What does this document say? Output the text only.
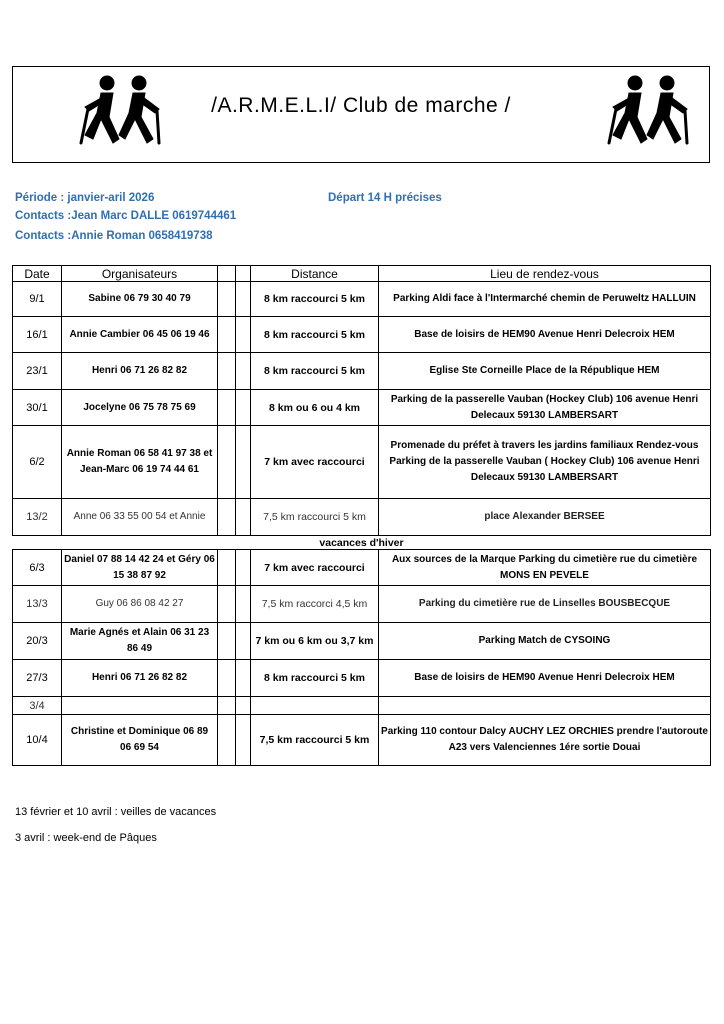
/A.R.M.E.L.I/ Club de marche /
Période : janvier-aril 2026	Départ 14 H précises
Contacts :Jean Marc DALLE 0619744461
Contacts :Annie Roman 0658419738
Date	Organisateurs			Distance	Lieu de rendez-vous
9/1	Sabine 06 79 30 40 79			8 km raccourci 5 km	Parking Aldi face à l'Intermarché chemin de Peruweltz HALLUIN
16/1	Annie Cambier 06 45 06 19 46			8 km raccourci 5 km	Base de loisirs de HEM90 Avenue Henri Delecroix HEM
23/1	Henri 06 71 26 82 82			8 km raccourci 5 km	Eglise Ste Corneille Place de la République HEM
30/1	Jocelyne 06 75 78 75 69			8 km ou 6 ou 4 km	Parking de la passerelle Vauban (Hockey Club) 106 avenue Henri Delecaux 59130 LAMBERSART
6/2	Annie Roman 06 58 41 97 38 et Jean-Marc 06 19 74 44 61			7 km avec raccourci	Promenade du préfet à travers les jardins familiaux Rendez-vous Parking de la passerelle Vauban ( Hockey Club) 106 avenue Henri Delecaux 59130 LAMBERSART
13/2	Anne 06 33 55 00 54 et Annie			7,5 km raccourci 5 km	place Alexander BERSEE
vacances d'hiver					
6/3	Daniel 07 88 14 42 24 et Géry 06 15 38 87 92			7 km avec raccourci	Aux sources de la Marque Parking du cimetière rue du cimetière MONS EN PEVELE
13/3	Guy 06 86 08 42 27			7,5 km raccorci 4,5 km	Parking du cimetière rue de Linselles BOUSBECQUE
20/3	Marie Agnés et Alain 06 31 23 86 49			7 km ou 6 km ou 3,7 km	Parking Match de CYSOING
27/3	Henri 06 71 26 82 82			8 km raccourci 5 km	Base de loisirs de HEM90 Avenue Henri Delecroix HEM
3/4					
10/4	Christine et Dominique 06 89 06 69 54			7,5 km raccourci 5 km	Parking 110 contour Dalcy AUCHY LEZ ORCHIES prendre l'autoroute A23 vers Valenciennes 1ére sortie Douai
13 février et 10 avril : veilles de vacances
3 avril : week-end de Pâques
